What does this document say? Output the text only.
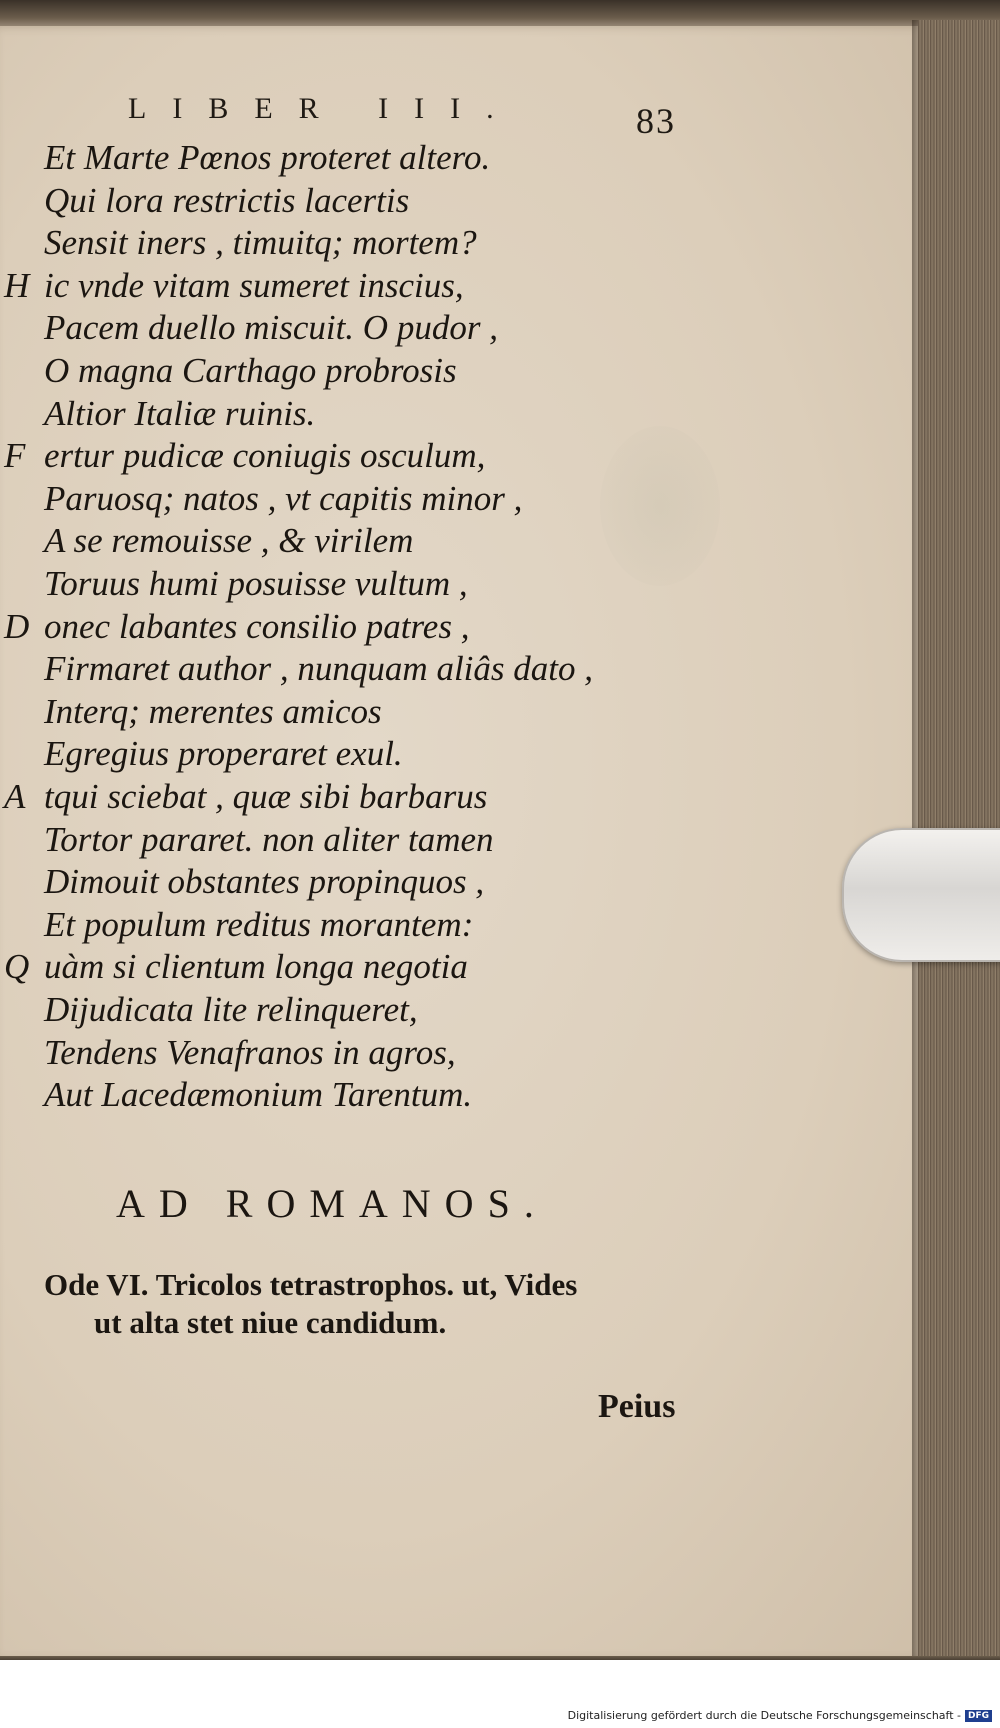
LIBER III.	83
Et Marte Pœnos proteret altero.
Qui lora restrictis lacertis
Sensit iners , timuitq; mortem?
H ic vnde vitam sumeret inscius,
Pacem duello miscuit. O pudor ,
O magna Carthago probrosis
Altior Italiæ ruinis.
F ertur pudicæ coniugis osculum,
Paruosq; natos , vt capitis minor ,
A se remouisse , & virilem
Toruus humi posuisse vultum ,
D onec labantes consilio patres ,
Firmaret author , nunquam aliâs dato ,
Interq; merentes amicos
Egregius properaret exul.
A tqui sciebat , quæ sibi barbarus
Tortor pararet. non aliter tamen
Dimouit obstantes propinquos ,
Et populum reditus morantem:
Q uàm si clientum longa negotia
Dijudicata lite relinqueret,
Tendens Venafranos in agros,
Aut Lacedæmonium Tarentum.
AD ROMANOS.
Ode VI. Tricolos tetrastrophos. ut, Vides
ut alta stet niue candidum.
Peius
Digitalisierung gefördert durch die Deutsche Forschungsgemeinschaft - DFG
